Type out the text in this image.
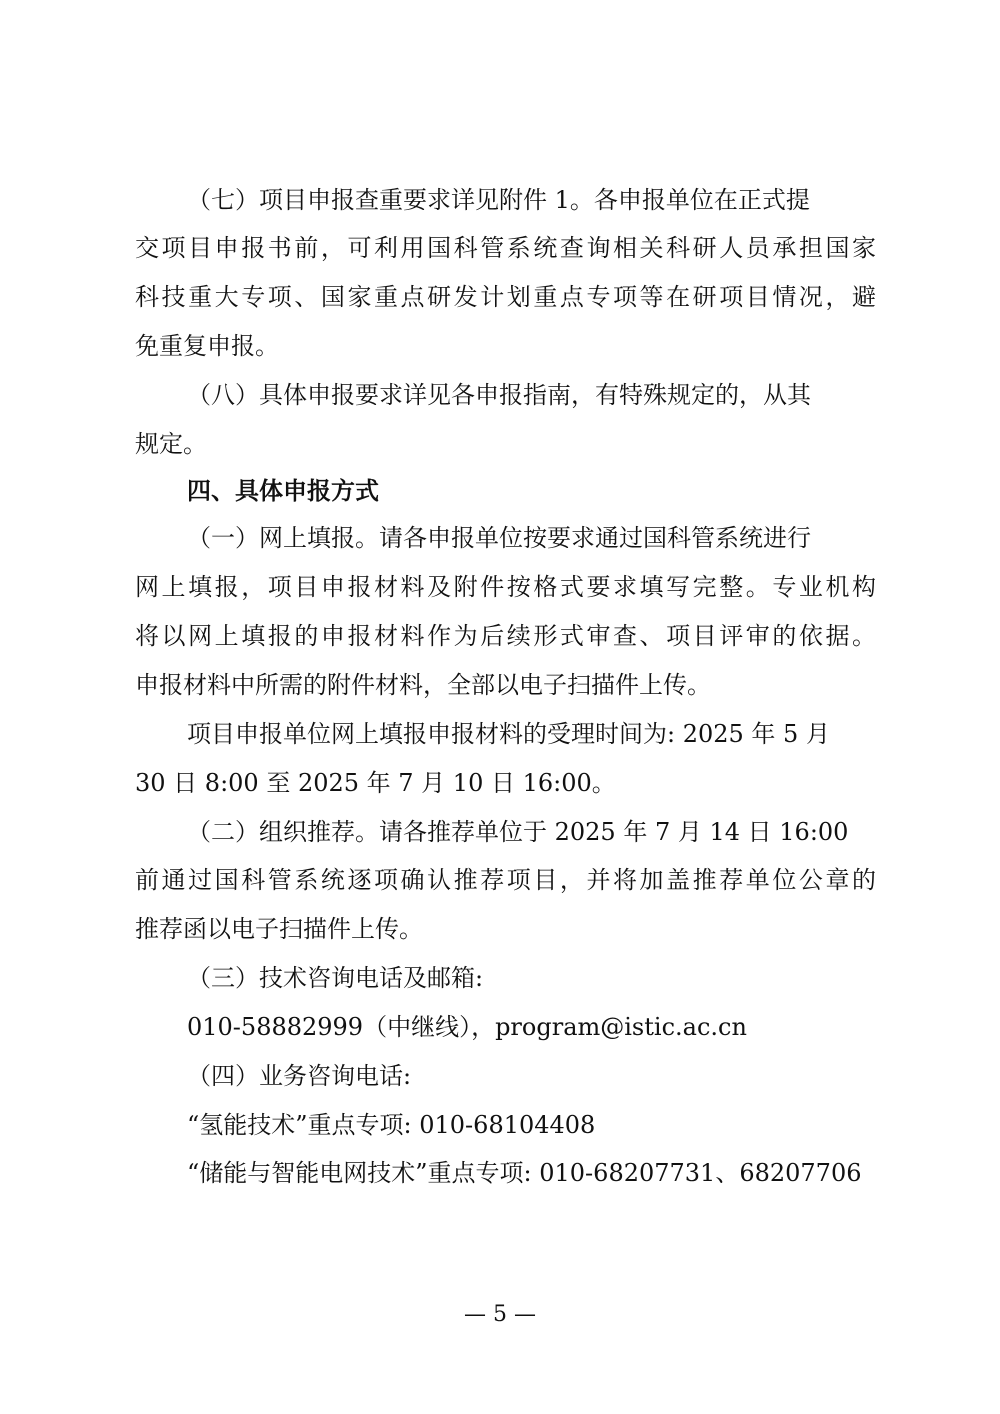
（七）项目申报查重要求详见附件 1。各申报单位在正式提
交项目申报书前，可利用国科管系统查询相关科研人员承担国家
科技重大专项、国家重点研发计划重点专项等在研项目情况，避
免重复申报。
（八）具体申报要求详见各申报指南，有特殊规定的，从其
规定。
四、具体申报方式
（一）网上填报。请各申报单位按要求通过国科管系统进行
网上填报，项目申报材料及附件按格式要求填写完整。专业机构
将以网上填报的申报材料作为后续形式审查、项目评审的依据。
申报材料中所需的附件材料，全部以电子扫描件上传。
项目申报单位网上填报申报材料的受理时间为: 2025 年 5 月
30 日 8:00 至 2025 年 7 月 10 日 16:00。
（二）组织推荐。请各推荐单位于 2025 年 7 月 14 日 16:00
前通过国科管系统逐项确认推荐项目，并将加盖推荐单位公章的
推荐函以电子扫描件上传。
（三）技术咨询电话及邮箱:
010-58882999（中继线），program@istic.ac.cn
（四）业务咨询电话:
“氢能技术”重点专项: 010-68104408
“储能与智能电网技术”重点专项: 010-68207731、68207706
— 5 —
